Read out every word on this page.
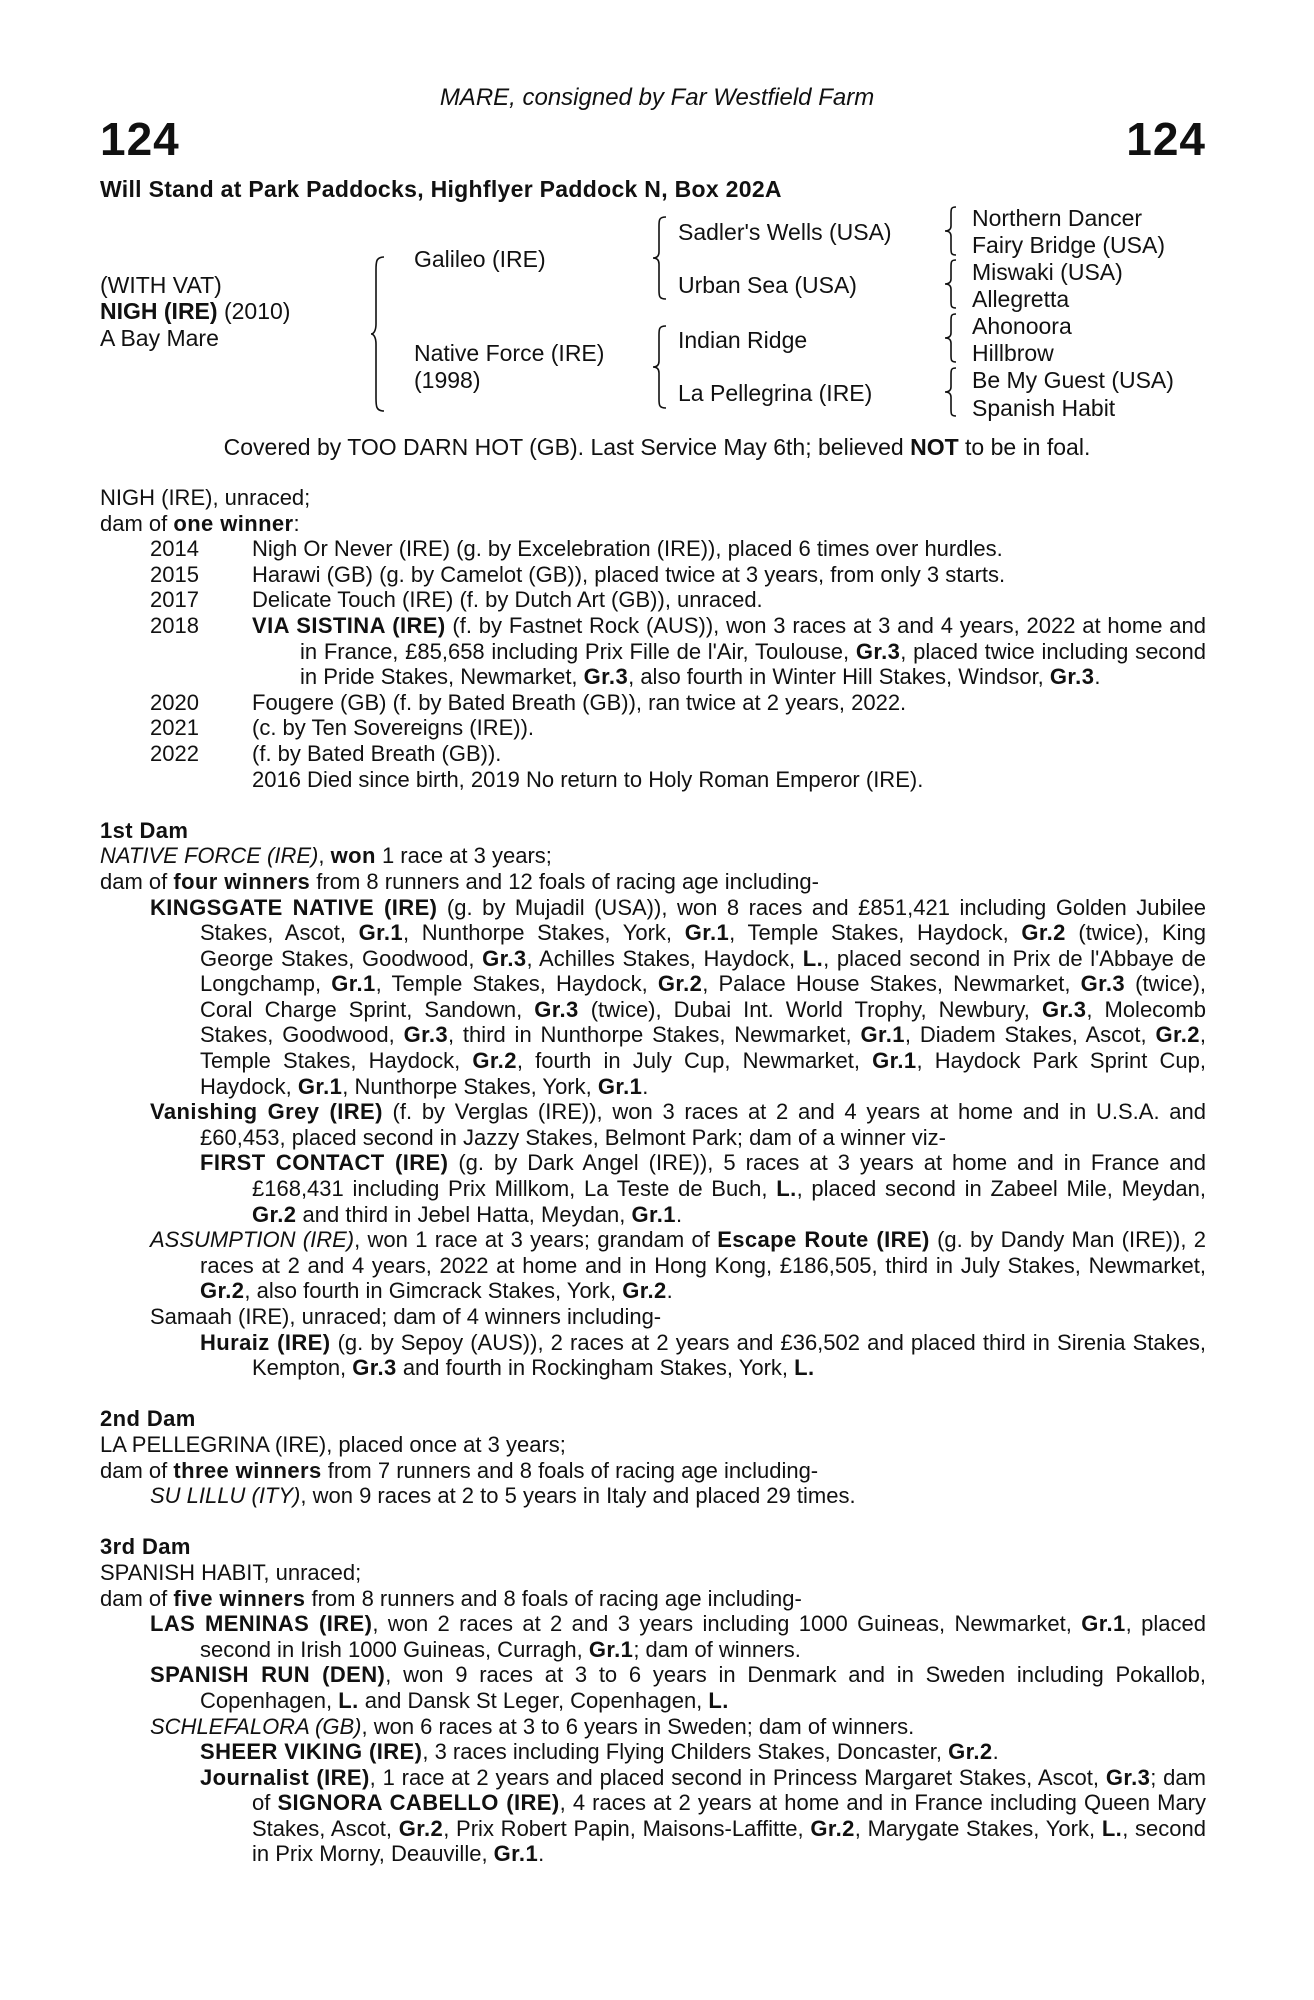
MARE, consigned by Far Westfield Farm
124	124
Will Stand at Park Paddocks, Highflyer Paddock N, Box 202A
(WITH VAT)
NIGH (IRE) (2010)
A Bay Mare
Galileo (IRE)
Native Force (IRE)
(1998)
Sadler's Wells (USA)
Urban Sea (USA)
Indian Ridge
La Pellegrina (IRE)
Northern Dancer
Fairy Bridge (USA)
Miswaki (USA)
Allegretta
Ahonoora
Hillbrow
Be My Guest (USA)
Spanish Habit
Covered by TOO DARN HOT (GB). Last Service May 6th; believed NOT to be in foal.
NIGH (IRE), unraced;
dam of one winner:
2014 Nigh Or Never (IRE) (g. by Excelebration (IRE)), placed 6 times over hurdles.
2015 Harawi (GB) (g. by Camelot (GB)), placed twice at 3 years, from only 3 starts.
2017 Delicate Touch (IRE) (f. by Dutch Art (GB)), unraced.
2018 VIA SISTINA (IRE) (f. by Fastnet Rock (AUS)), won 3 races at 3 and 4 years, 2022 at home and in France, £85,658 including Prix Fille de l'Air, Toulouse, Gr.3, placed twice including second in Pride Stakes, Newmarket, Gr.3, also fourth in Winter Hill Stakes, Windsor, Gr.3.
2020 Fougere (GB) (f. by Bated Breath (GB)), ran twice at 2 years, 2022.
2021 (c. by Ten Sovereigns (IRE)).
2022 (f. by Bated Breath (GB)).
2016 Died since birth, 2019 No return to Holy Roman Emperor (IRE).
1st Dam
NATIVE FORCE (IRE), won 1 race at 3 years;
dam of four winners from 8 runners and 12 foals of racing age including-
KINGSGATE NATIVE (IRE) (g. by Mujadil (USA)), won 8 races and £851,421 including Golden Jubilee Stakes, Ascot, Gr.1, Nunthorpe Stakes, York, Gr.1, Temple Stakes, Haydock, Gr.2 (twice), King George Stakes, Goodwood, Gr.3, Achilles Stakes, Haydock, L., placed second in Prix de l'Abbaye de Longchamp, Gr.1, Temple Stakes, Haydock, Gr.2, Palace House Stakes, Newmarket, Gr.3 (twice), Coral Charge Sprint, Sandown, Gr.3 (twice), Dubai Int. World Trophy, Newbury, Gr.3, Molecomb Stakes, Goodwood, Gr.3, third in Nunthorpe Stakes, Newmarket, Gr.1, Diadem Stakes, Ascot, Gr.2, Temple Stakes, Haydock, Gr.2, fourth in July Cup, Newmarket, Gr.1, Haydock Park Sprint Cup, Haydock, Gr.1, Nunthorpe Stakes, York, Gr.1.
Vanishing Grey (IRE) (f. by Verglas (IRE)), won 3 races at 2 and 4 years at home and in U.S.A. and £60,453, placed second in Jazzy Stakes, Belmont Park; dam of a winner viz-
FIRST CONTACT (IRE) (g. by Dark Angel (IRE)), 5 races at 3 years at home and in France and £168,431 including Prix Millkom, La Teste de Buch, L., placed second in Zabeel Mile, Meydan, Gr.2 and third in Jebel Hatta, Meydan, Gr.1.
ASSUMPTION (IRE), won 1 race at 3 years; grandam of Escape Route (IRE) (g. by Dandy Man (IRE)), 2 races at 2 and 4 years, 2022 at home and in Hong Kong, £186,505, third in July Stakes, Newmarket, Gr.2, also fourth in Gimcrack Stakes, York, Gr.2.
Samaah (IRE), unraced; dam of 4 winners including-
Huraiz (IRE) (g. by Sepoy (AUS)), 2 races at 2 years and £36,502 and placed third in Sirenia Stakes, Kempton, Gr.3 and fourth in Rockingham Stakes, York, L.
2nd Dam
LA PELLEGRINA (IRE), placed once at 3 years;
dam of three winners from 7 runners and 8 foals of racing age including-
SU LILLU (ITY), won 9 races at 2 to 5 years in Italy and placed 29 times.
3rd Dam
SPANISH HABIT, unraced;
dam of five winners from 8 runners and 8 foals of racing age including-
LAS MENINAS (IRE), won 2 races at 2 and 3 years including 1000 Guineas, Newmarket, Gr.1, placed second in Irish 1000 Guineas, Curragh, Gr.1; dam of winners.
SPANISH RUN (DEN), won 9 races at 3 to 6 years in Denmark and in Sweden including Pokallob, Copenhagen, L. and Dansk St Leger, Copenhagen, L.
SCHLEFALORA (GB), won 6 races at 3 to 6 years in Sweden; dam of winners.
SHEER VIKING (IRE), 3 races including Flying Childers Stakes, Doncaster, Gr.2.
Journalist (IRE), 1 race at 2 years and placed second in Princess Margaret Stakes, Ascot, Gr.3; dam of SIGNORA CABELLO (IRE), 4 races at 2 years at home and in France including Queen Mary Stakes, Ascot, Gr.2, Prix Robert Papin, Maisons-Laffitte, Gr.2, Marygate Stakes, York, L., second in Prix Morny, Deauville, Gr.1.
